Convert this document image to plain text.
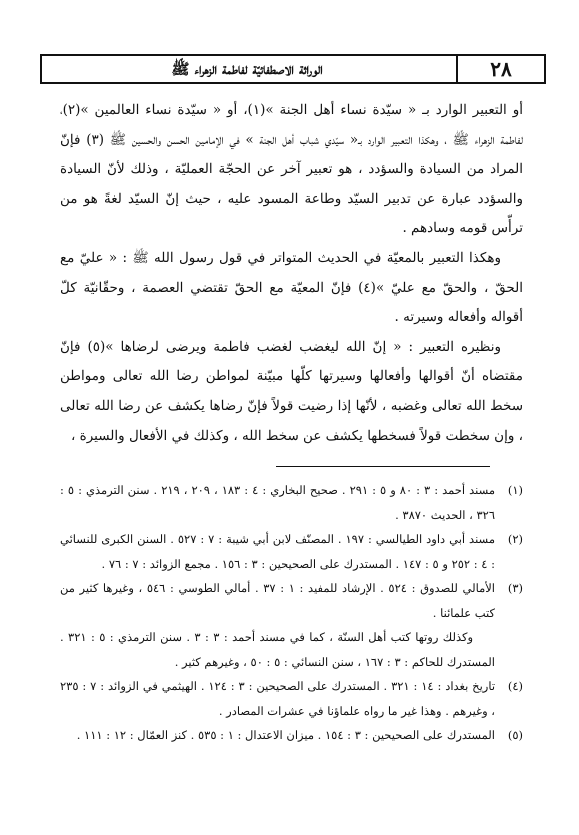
٢٨
الوراثة الاصطفائيّة لفاطمة الزهراء ﷺ

أو التعبير الوارد بـ « سيّدة نساء أهل الجنة »(١)، أو « سيّدة نساء العالمين »(٢)، لفاطمة الزهراء ﷺ ، وهكذا التعبير الوارد بـ« سيّدي شباب أهل الجنة » في الإمامين الحسن والحسين ﷺ (٣) فإنّ المراد من السيادة والسؤدد ، هو تعبير آخر عن الحجّة العمليّة ، وذلك لأنّ السيادة والسؤدد عبارة عن تدبير السيّد وطاعة المسود عليه ، حيث إنّ السيّد لغةً هو من ترأّس قومه وسادهم .

وهكذا التعبير بالمعيّة في الحديث المتواتر في قول رسول الله ﷺ : « عليّ مع الحقّ ، والحقّ مع عليّ »(٤) فإنّ المعيّة مع الحقّ تقتضي العصمة ، وحقّانيّة كلّ أقواله وأفعاله وسيرته .

ونظيره التعبير : « إنّ الله ليغضب لغضب فاطمة ويرضى لرضاها »(٥) فإنّ مقتضاه أنّ أقوالها وأفعالها وسيرتها كلّها مبيّنة لمواطن رضا الله تعالى ومواطن سخط الله تعالى وغضبه ، لأنّها إذا رضيت قولاً فإنّ رضاها يكشف عن رضا الله تعالى ، وإن سخطت قولاً فسخطها يكشف عن سخط الله ، وكذلك في الأفعال والسيرة ،

(١)
مسند أحمد : ٣ : ٨٠ و ٥ : ٢٩١ . صحيح البخاري : ٤ : ١٨٣ ، ٢٠٩ ، ٢١٩ . سنن الترمذي : ٥ : ٣٢٦ ، الحديث ٣٨٧٠ .

(٢)
مسند أبي داود الطيالسي : ١٩٧ . المصنّف لابن أبي شيبة : ٧ : ٥٢٧ . السنن الكبرى للنسائي : ٤ : ٢٥٢ و ٥ : ١٤٧ . المستدرك على الصحيحين : ٣ : ١٥٦ . مجمع الزوائد : ٧ : ٧٦ .

(٣)
الأمالي للصدوق : ٥٢٤ . الإرشاد للمفيد : ١ : ٣٧ . أمالي الطوسي : ٥٤٦ ، وغيرها كثير من كتب علمائنا .

وكذلك روتها كتب أهل السنّة ، كما في مسند أحمد : ٣ : ٣ . سنن الترمذي : ٥ : ٣٢١ . المستدرك للحاكم : ٣ : ١٦٧ ، سنن النسائي : ٥ : ٥٠ ، وغيرهم كثير .

(٤)
تاريخ بغداد : ١٤ : ٣٢١ . المستدرك على الصحيحين : ٣ : ١٢٤ . الهيثمي في الزوائد : ٧ : ٢٣٥ ، وغيرهم . وهذا غير ما رواه علماؤنا في عشرات المصادر .

(٥)
المستدرك على الصحيحين : ٣ : ١٥٤ . ميزان الاعتدال : ١ : ٥٣٥ . كنز العمّال : ١٢ : ١١١ .
